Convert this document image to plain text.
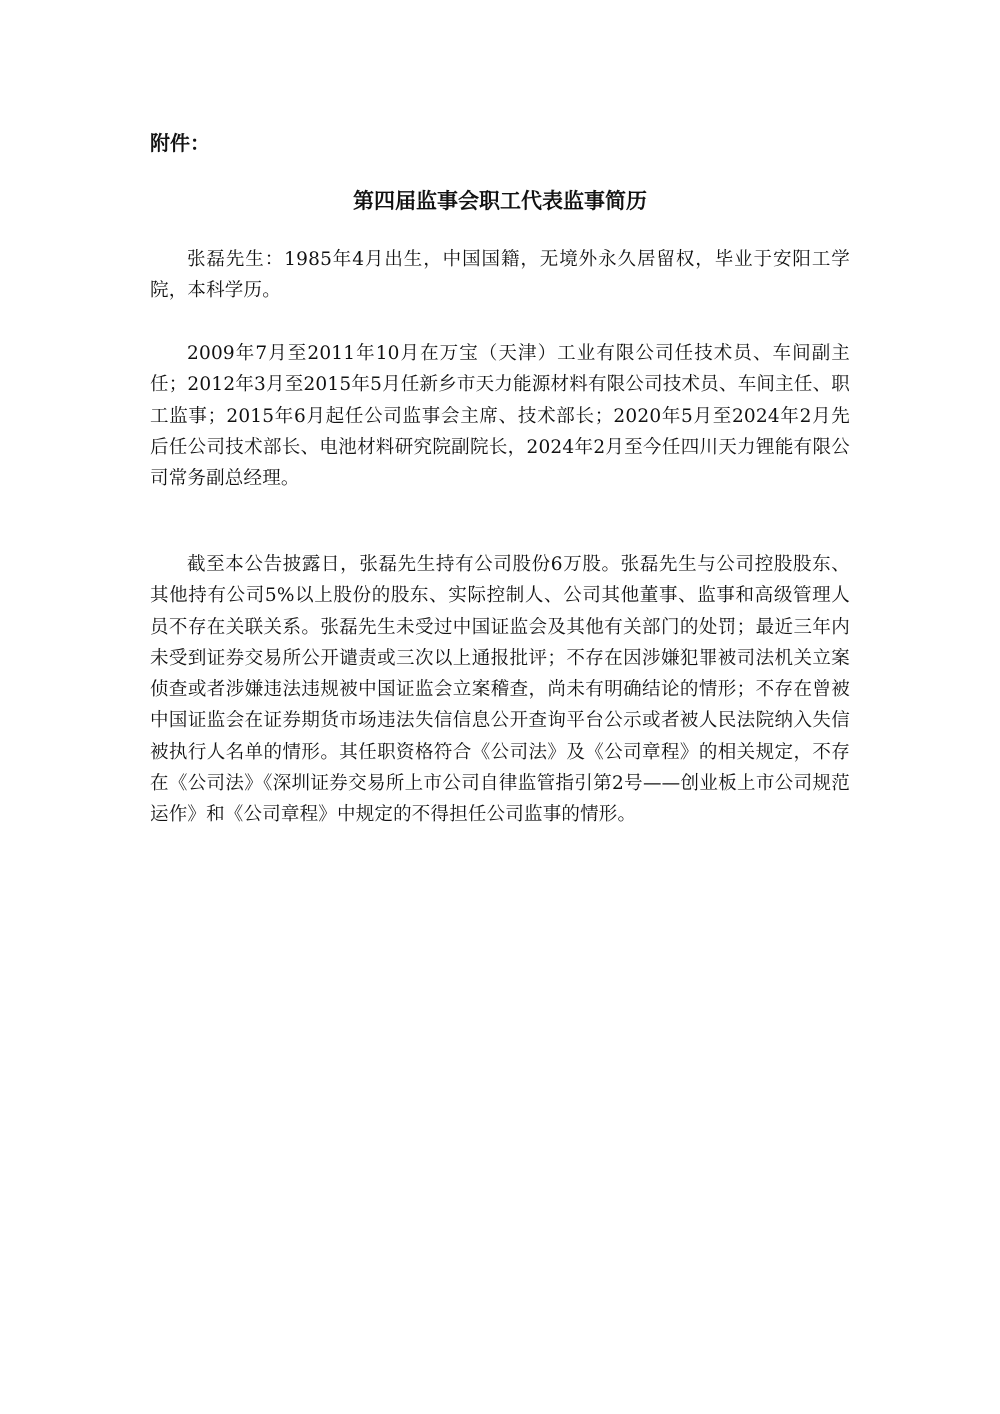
附件：

第四届监事会职工代表监事简历

张磊先生：1985年4月出生，中国国籍，无境外永久居留权，毕业于安阳工学院，本科学历。

2009年7月至2011年10月在万宝（天津）工业有限公司任技术员、车间副主任；2012年3月至2015年5月任新乡市天力能源材料有限公司技术员、车间主任、职工监事；2015年6月起任公司监事会主席、技术部长；2020年5月至2024年2月先后任公司技术部长、电池材料研究院副院长，2024年2月至今任四川天力锂能有限公司常务副总经理。

截至本公告披露日，张磊先生持有公司股份6万股。张磊先生与公司控股股东、其他持有公司5%以上股份的股东、实际控制人、公司其他董事、监事和高级管理人员不存在关联关系。张磊先生未受过中国证监会及其他有关部门的处罚；最近三年内未受到证券交易所公开谴责或三次以上通报批评；不存在因涉嫌犯罪被司法机关立案侦查或者涉嫌违法违规被中国证监会立案稽查，尚未有明确结论的情形；不存在曾被中国证监会在证券期货市场违法失信信息公开查询平台公示或者被人民法院纳入失信被执行人名单的情形。其任职资格符合《公司法》及《公司章程》的相关规定，不存在《公司法》《深圳证券交易所上市公司自律监管指引第2号——创业板上市公司规范运作》和《公司章程》中规定的不得担任公司监事的情形。
